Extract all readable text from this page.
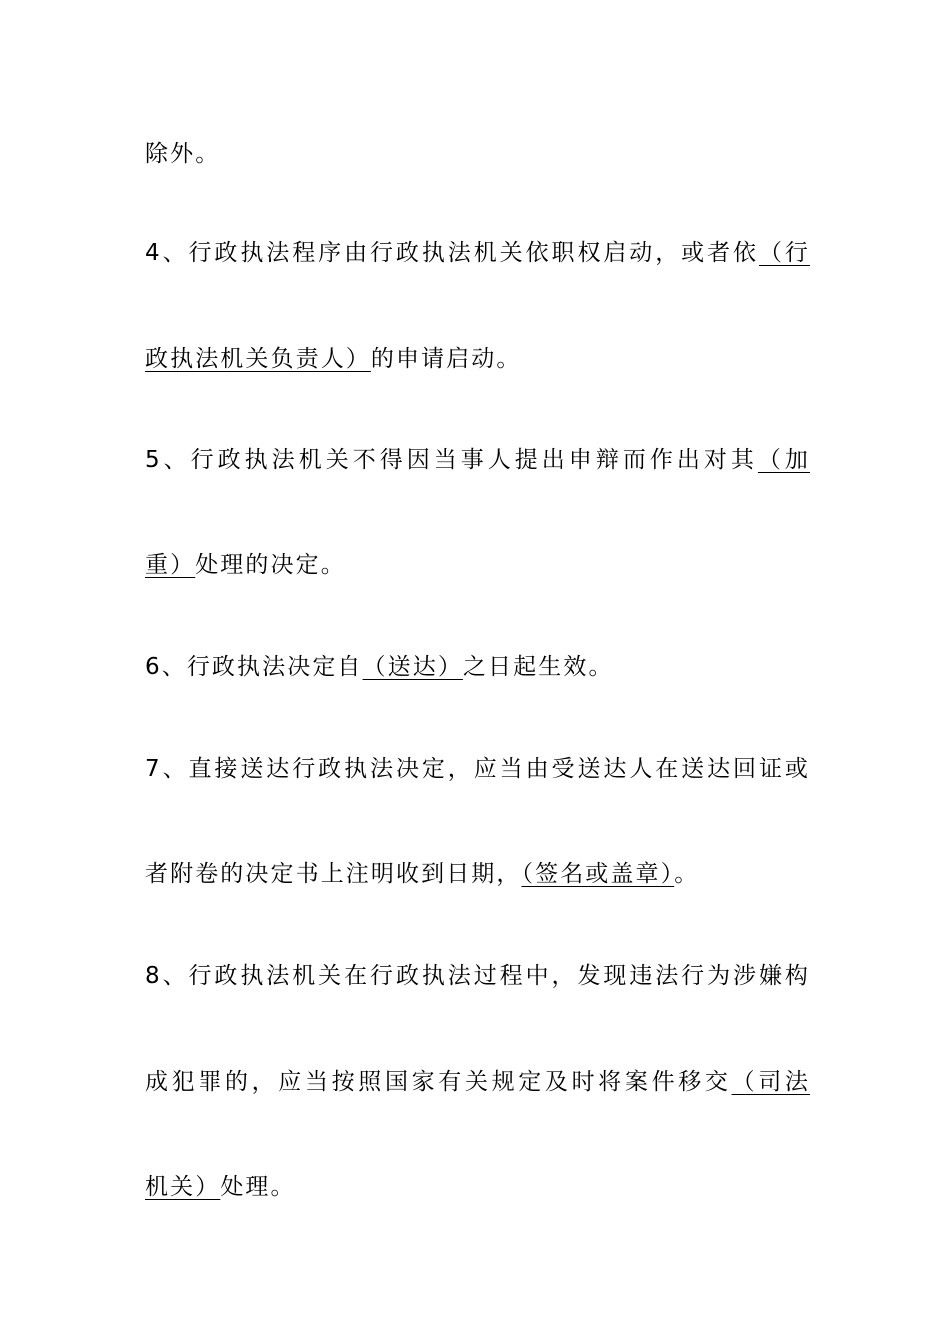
除外。
4、行政执法程序由行政执法机关依职权启动，或者依（行
政执法机关负责人）的申请启动。
5、行政执法机关不得因当事人提出申辩而作出对其（加
重）处理的决定。
6、行政执法决定自（送达）之日起生效。
7、直接送达行政执法决定，应当由受送达人在送达回证或
者附卷的决定书上注明收到日期，（签名或盖章）。
8、行政执法机关在行政执法过程中，发现违法行为涉嫌构
成犯罪的，应当按照国家有关规定及时将案件移交（司法
机关）处理。
